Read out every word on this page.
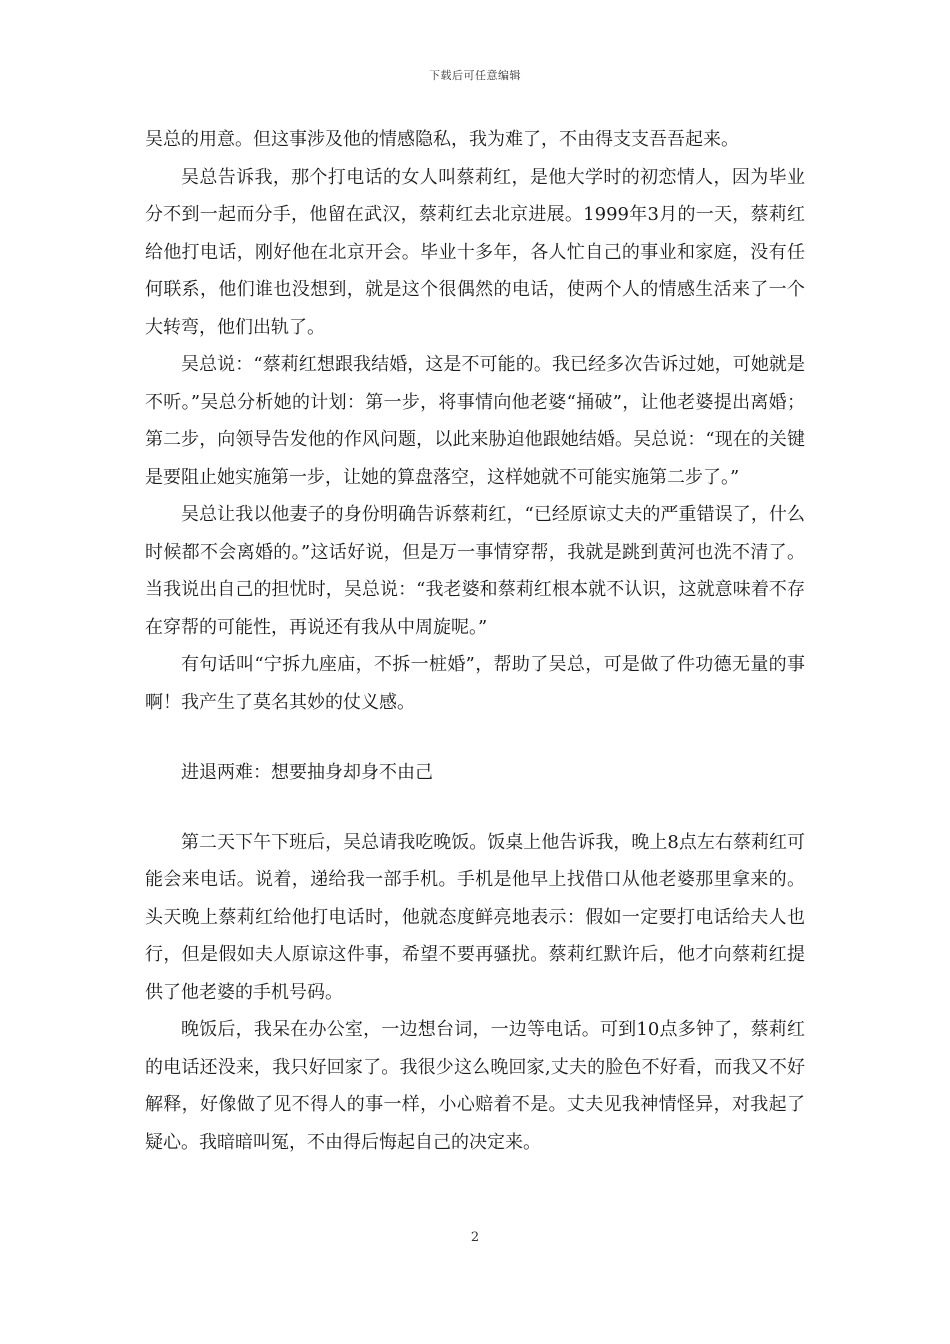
下载后可任意编辑

吴总的用意。但这事涉及他的情感隐私，我为难了，不由得支支吾吾起来。

吴总告诉我，那个打电话的女人叫蔡莉红，是他大学时的初恋情人，因为毕业分不到一起而分手，他留在武汉，蔡莉红去北京进展。1999年3月的一天，蔡莉红给他打电话，刚好他在北京开会。毕业十多年，各人忙自己的事业和家庭，没有任何联系，他们谁也没想到，就是这个很偶然的电话，使两个人的情感生活来了一个大转弯，他们出轨了。

吴总说：“蔡莉红想跟我结婚，这是不可能的。我已经多次告诉过她，可她就是不听。”吴总分析她的计划：第一步，将事情向他老婆“捅破”，让他老婆提出离婚；第二步，向领导告发他的作风问题，以此来胁迫他跟她结婚。吴总说：“现在的关键是要阻止她实施第一步，让她的算盘落空，这样她就不可能实施第二步了。”

吴总让我以他妻子的身份明确告诉蔡莉红，“已经原谅丈夫的严重错误了，什么时候都不会离婚的。”这话好说，但是万一事情穿帮，我就是跳到黄河也洗不清了。当我说出自己的担忧时，吴总说：“我老婆和蔡莉红根本就不认识，这就意味着不存在穿帮的可能性，再说还有我从中周旋呢。”

有句话叫“宁拆九座庙，不拆一桩婚”，帮助了吴总，可是做了件功德无量的事啊！我产生了莫名其妙的仗义感。

进退两难：想要抽身却身不由己

第二天下午下班后，吴总请我吃晚饭。饭桌上他告诉我，晚上8点左右蔡莉红可能会来电话。说着，递给我一部手机。手机是他早上找借口从他老婆那里拿来的。头天晚上蔡莉红给他打电话时，他就态度鲜亮地表示：假如一定要打电话给夫人也行，但是假如夫人原谅这件事，希望不要再骚扰。蔡莉红默许后，他才向蔡莉红提供了他老婆的手机号码。

晚饭后，我呆在办公室，一边想台词，一边等电话。可到10点多钟了，蔡莉红的电话还没来，我只好回家了。我很少这么晚回家,丈夫的脸色不好看，而我又不好解释，好像做了见不得人的事一样，小心赔着不是。丈夫见我神情怪异，对我起了疑心。我暗暗叫冤，不由得后悔起自己的决定来。

2
